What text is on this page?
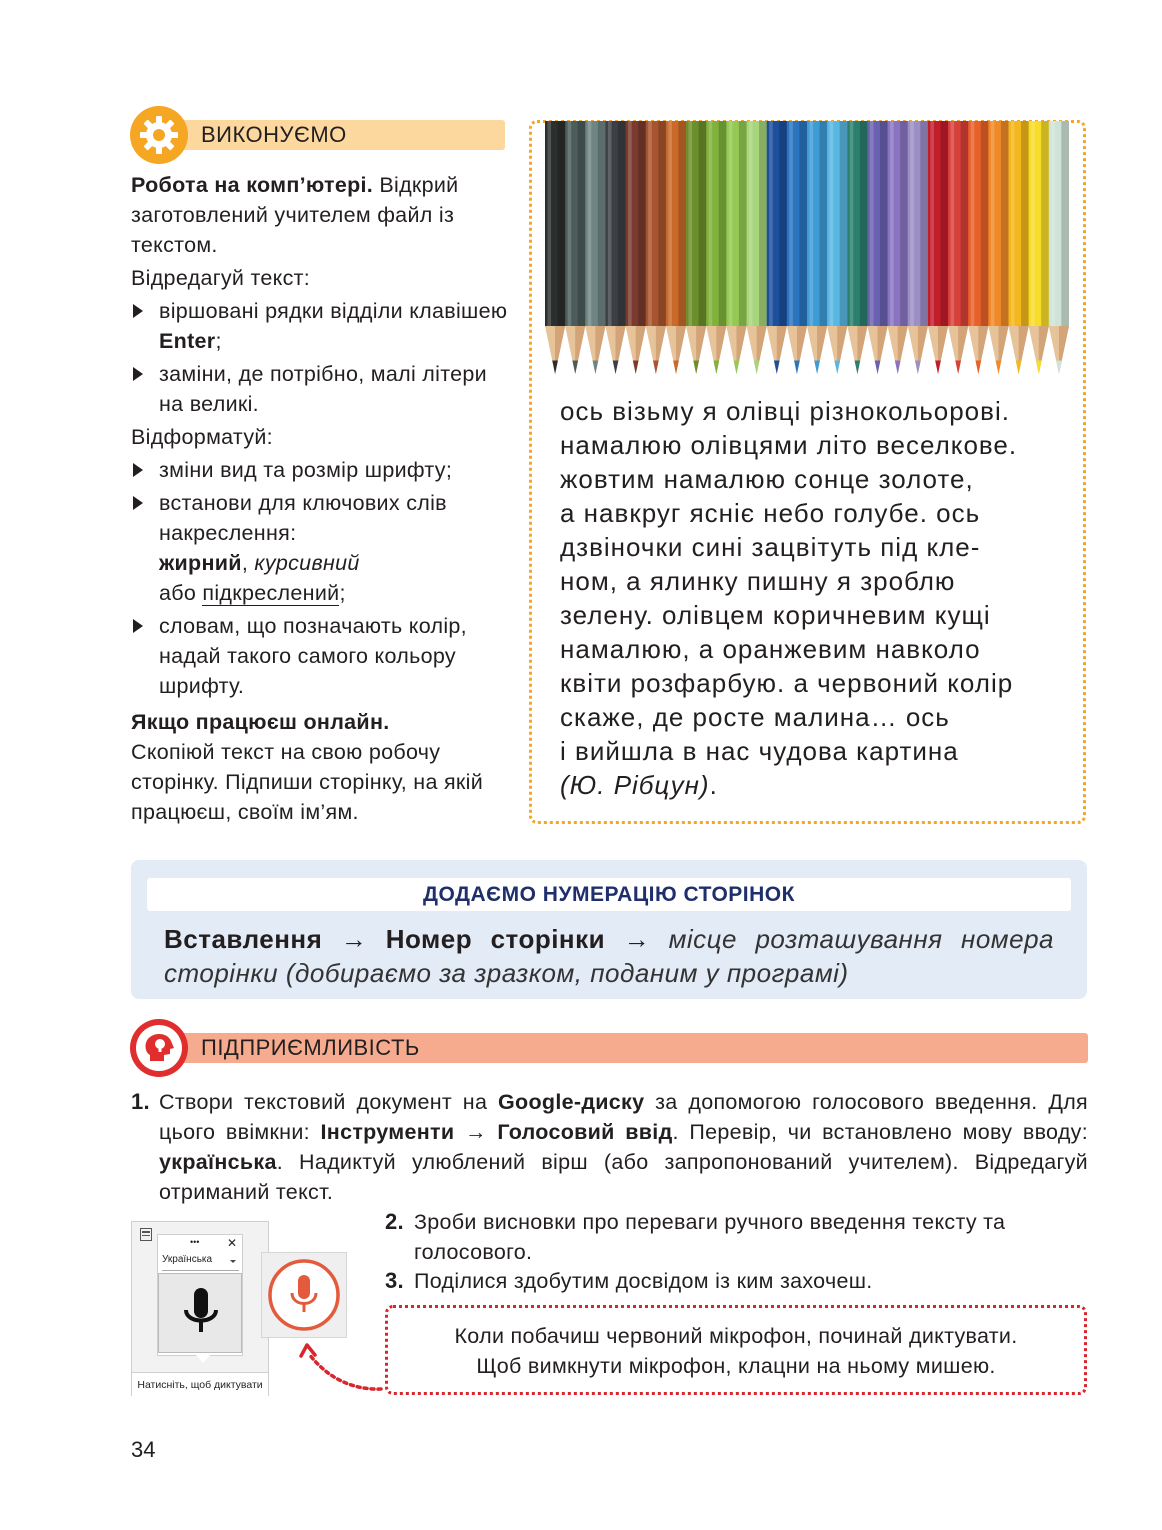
ВИКОНУЄМО

Робота на комп’ютері. Відкрий заготовлений учителем файл із текстом.

Відредагуй текст:

віршовані рядки відділи клавішею Enter;
заміни, де потрібно, малі літери на великі.

Відформатуй:

зміни вид та розмір шрифту;
встанови для ключових слів накреслення:
жирний, курсивний
або підкреслений;
словам, що позначають колір, надай такого самого кольору шрифту.

Якщо працюєш онлайн.
Скопіюй текст на свою робочу сторінку. Підпиши сторінку, на якій працюєш, своїм ім’ям.

ось візьму я олівці різнокольорові.

намалюю олівцями літо веселкове.

жовтим намалюю сонце золоте,

а навкруг ясніє небо голубе. ось

дзвіночки сині зацвітуть під кле-

ном, а ялинку пишну я зроблю

зелену. олівцем коричневим кущі

намалюю, а оранжевим навколо

квіти розфарбую. а червоний колір

скаже, де росте малина… ось

і вийшла в нас чудова картина

(Ю. Рібцун).

ДОДАЄМО НУМЕРАЦІЮ СТОРІНОК
Вставлення → Номер сторінки → місце розташування номера сторінки (добираємо за зразком, поданим у програмі)
ПІДПРИЄМЛИВІСТЬ
1. Створи текстовий документ на Google-диску за допомогою голосового введення. Для цього ввімкни: Інструменти → Голосовий ввід. Перевір, чи встановлено мову вводу: українська. Надиктуй улюблений вірш (або запропонований учителем). Відредагуй отриманий текст.
2. Зроби висновки про переваги ручного введення тексту та голосового.
3. Поділися здобутим досвідом із ким захочеш.
Коли побачиш червоний мікрофон, починай диктувати.
Щоб вимкнути мікрофон, клацни на ньому мишею.
••• ✕
Українська
Натисніть, щоб диктувати
34
